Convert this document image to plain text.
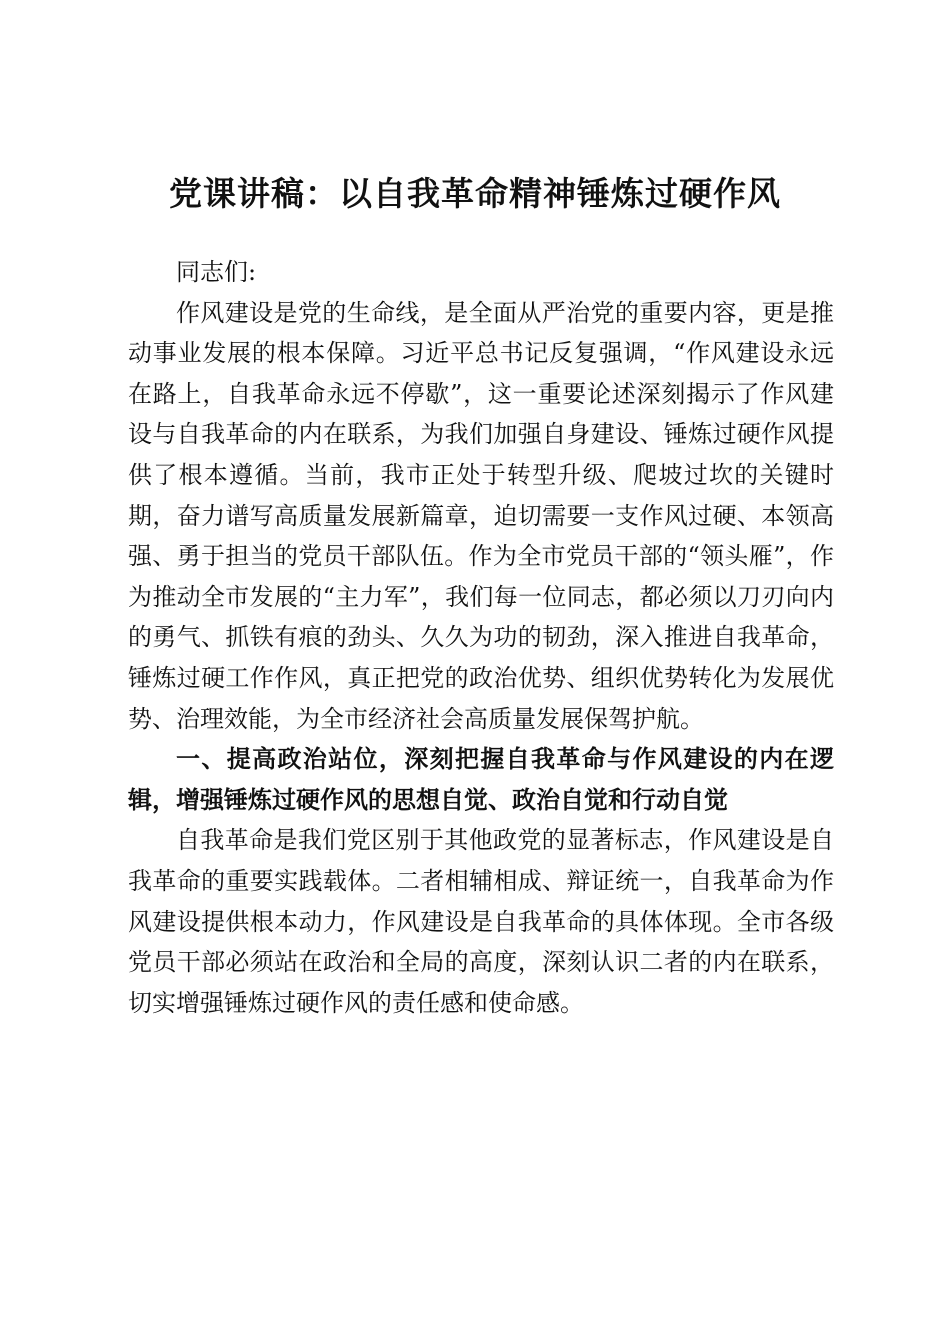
党课讲稿：以自我革命精神锤炼过硬作风

同志们:

作风建设是党的生命线，是全面从严治党的重要内容，更是推动事业发展的根本保障。习近平总书记反复强调，“作风建设永远在路上，自我革命永远不停歇”，这一重要论述深刻揭示了作风建设与自我革命的内在联系，为我们加强自身建设、锤炼过硬作风提供了根本遵循。当前，我市正处于转型升级、爬坡过坎的关键时期，奋力谱写高质量发展新篇章，迫切需要一支作风过硬、本领高强、勇于担当的党员干部队伍。作为全市党员干部的“领头雁”，作为推动全市发展的“主力军”，我们每一位同志，都必须以刀刃向内的勇气、抓铁有痕的劲头、久久为功的韧劲，深入推进自我革命，锤炼过硬工作作风，真正把党的政治优势、组织优势转化为发展优势、治理效能，为全市经济社会高质量发展保驾护航。

一、提高政治站位，深刻把握自我革命与作风建设的内在逻辑，增强锤炼过硬作风的思想自觉、政治自觉和行动自觉

自我革命是我们党区别于其他政党的显著标志，作风建设是自我革命的重要实践载体。二者相辅相成、辩证统一，自我革命为作风建设提供根本动力，作风建设是自我革命的具体体现。全市各级党员干部必须站在政治和全局的高度，深刻认识二者的内在联系，切实增强锤炼过硬作风的责任感和使命感。
